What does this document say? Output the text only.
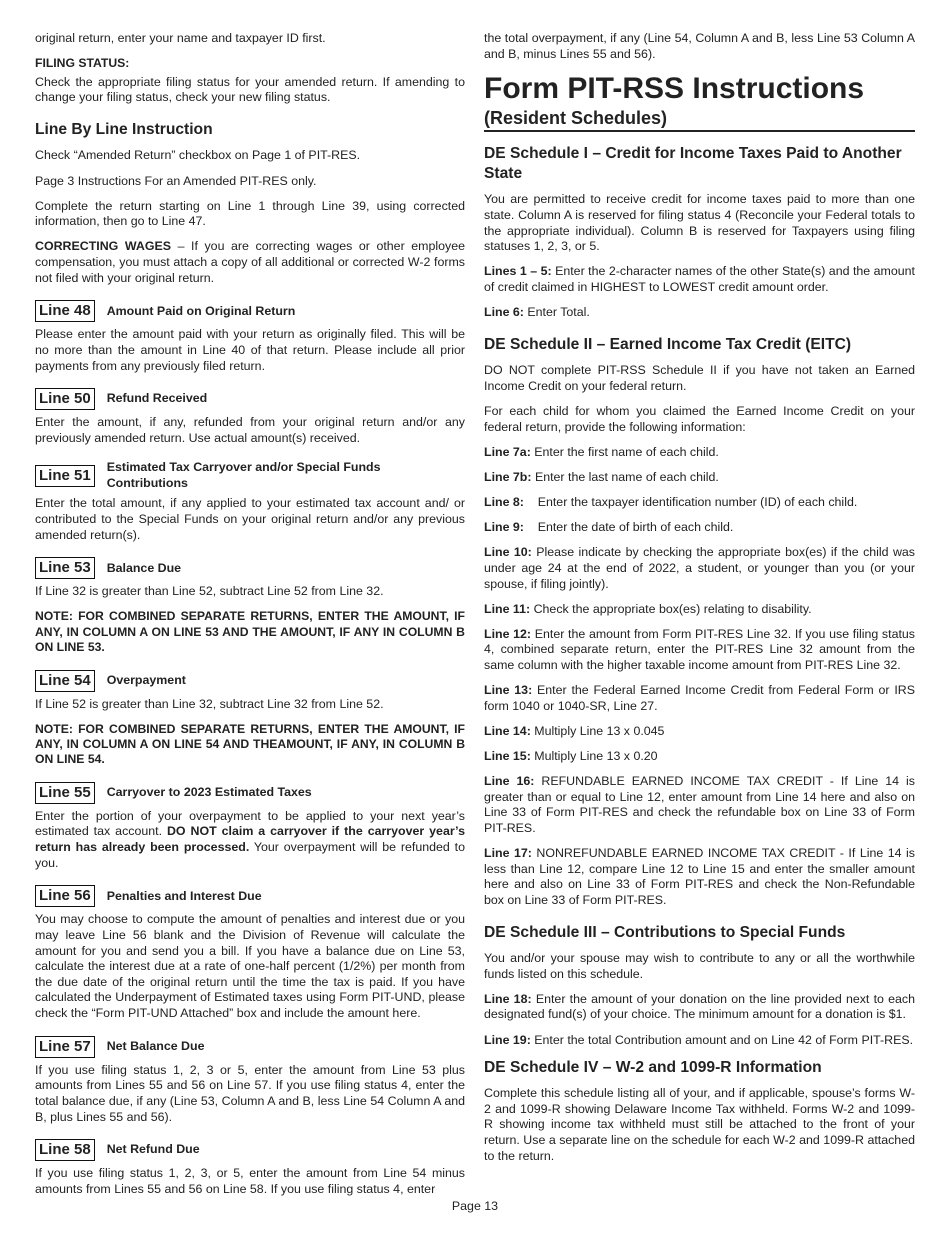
original return, enter your name and taxpayer ID first.

FILING STATUS:

Check the appropriate filing status for your amended return. If amending to change your filing status, check your new filing status.

Line By Line Instruction

Check “Amended Return” checkbox on Page 1 of PIT-RES.

Page 3 Instructions For an Amended PIT-RES only.

Complete the return starting on Line 1 through Line 39, using corrected information, then go to Line 47.

CORRECTING WAGES – If you are correcting wages or other employee compensation, you must attach a copy of all additional or corrected W-2 forms not filed with your original return.

Line 48	Amount Paid on Original Return

Please enter the amount paid with your return as originally filed. This will be no more than the amount in Line 40 of that return. Please include all prior payments from any previously filed return.

Line 50	Refund Received

Enter the amount, if any, refunded from your original return and/or any previously amended return. Use actual amount(s) received.

Line 51	Estimated Tax Carryover and/or Special Funds Contributions

Enter the total amount, if any applied to your estimated tax account and/ or contributed to the Special Funds on your original return and/or any previous amended return(s).

Line 53	Balance Due

If Line 32 is greater than Line 52, subtract Line 52 from Line 32.

NOTE: FOR COMBINED SEPARATE RETURNS, ENTER THE AMOUNT, IF ANY, IN COLUMN A ON LINE 53 AND THE AMOUNT, IF ANY IN COLUMN B ON LINE 53.

Line 54	Overpayment

If Line 52 is greater than Line 32, subtract Line 32 from Line 52.

NOTE: FOR COMBINED SEPARATE RETURNS, ENTER THE AMOUNT, IF ANY, IN COLUMN A ON LINE 54 AND THEAMOUNT, IF ANY, IN COLUMN B ON LINE 54.

Line 55	Carryover to 2023 Estimated Taxes

Enter the portion of your overpayment to be applied to your next year’s estimated tax account. DO NOT claim a carryover if the carryover year’s return has already been processed. Your overpayment will be refunded to you.

Line 56	Penalties and Interest Due

You may choose to compute the amount of penalties and interest due or you may leave Line 56 blank and the Division of Revenue will calculate the amount for you and send you a bill. If you have a balance due on Line 53, calculate the interest due at a rate of one-half percent (1/2%) per month from the due date of the original return until the time the tax is paid. If you have calculated the Underpayment of Estimated taxes using Form PIT-UND, please check the “Form PIT-UND Attached” box and include the amount here.

Line 57	Net Balance Due

If you use filing status 1, 2, 3 or 5, enter the amount from Line 53 plus amounts from Lines 55 and 56 on Line 57. If you use filing status 4, enter the total balance due, if any (Line 53, Column A and B, less Line 54 Column A and B, plus Lines 55 and 56).

Line 58	Net Refund Due

If you use filing status 1, 2, 3, or 5, enter the amount from Line 54 minus amounts from Lines 55 and 56 on Line 58. If you use filing status 4, enter

the total overpayment, if any (Line 54, Column A and B, less Line 53 Column A and B, minus Lines 55 and 56).

Form PIT-RSS Instructions
(Resident Schedules)
DE Schedule I – Credit for Income Taxes Paid to Another State

You are permitted to receive credit for income taxes paid to more than one state. Column A is reserved for filing status 4 (Reconcile your Federal totals to the appropriate individual). Column B is reserved for Taxpayers using filing statuses 1, 2, 3, or 5.

Lines 1 – 5: Enter the 2-character names of the other State(s) and the amount of credit claimed in HIGHEST to LOWEST credit amount order.

Line 6: Enter Total.

DE Schedule II – Earned Income Tax Credit (EITC)

DO NOT complete PIT-RSS Schedule II if you have not taken an Earned Income Credit on your federal return.

For each child for whom you claimed the Earned Income Credit on your federal return, provide the following information:

Line 7a: Enter the first name of each child.

Line 7b: Enter the last name of each child.

Line 8:    Enter the taxpayer identification number (ID) of each child.

Line 9:    Enter the date of birth of each child.

Line 10: Please indicate by checking the appropriate box(es) if the child was under age 24 at the end of 2022, a student, or younger than you (or your spouse, if filing jointly).

Line 11: Check the appropriate box(es) relating to disability.

Line 12: Enter the amount from Form PIT-RES Line 32. If you use filing status 4, combined separate return, enter the PIT-RES Line 32 amount from the same column with the higher taxable income amount from PIT-RES Line 32.

Line 13: Enter the Federal Earned Income Credit from Federal Form or IRS form 1040 or 1040-SR, Line 27.

Line 14: Multiply Line 13 x 0.045

Line 15: Multiply Line 13 x 0.20

Line 16: REFUNDABLE EARNED INCOME TAX CREDIT - If Line 14 is greater than or equal to Line 12, enter amount from Line 14 here and also on Line 33 of Form PIT-RES and check the refundable box on Line 33 of Form PIT-RES.

Line 17: NONREFUNDABLE EARNED INCOME TAX CREDIT - If Line 14 is less than Line 12, compare Line 12 to Line 15 and enter the smaller amount here and also on Line 33 of Form PIT-RES and check the Non-Refundable box on Line 33 of Form PIT-RES.

DE Schedule III – Contributions to Special Funds

You and/or your spouse may wish to contribute to any or all the worthwhile funds listed on this schedule.

Line 18: Enter the amount of your donation on the line provided next to each designated fund(s) of your choice. The minimum amount for a donation is $1.

Line 19: Enter the total Contribution amount and on Line 42 of Form PIT-RES.

DE Schedule IV – W-2 and 1099-R Information

Complete this schedule listing all of your, and if applicable, spouse’s forms W-2 and 1099-R showing Delaware Income Tax withheld. Forms W-2 and 1099-R showing income tax withheld must still be attached to the front of your return. Use a separate line on the schedule for each W-2 and 1099-R attached to the return.

Page 13
